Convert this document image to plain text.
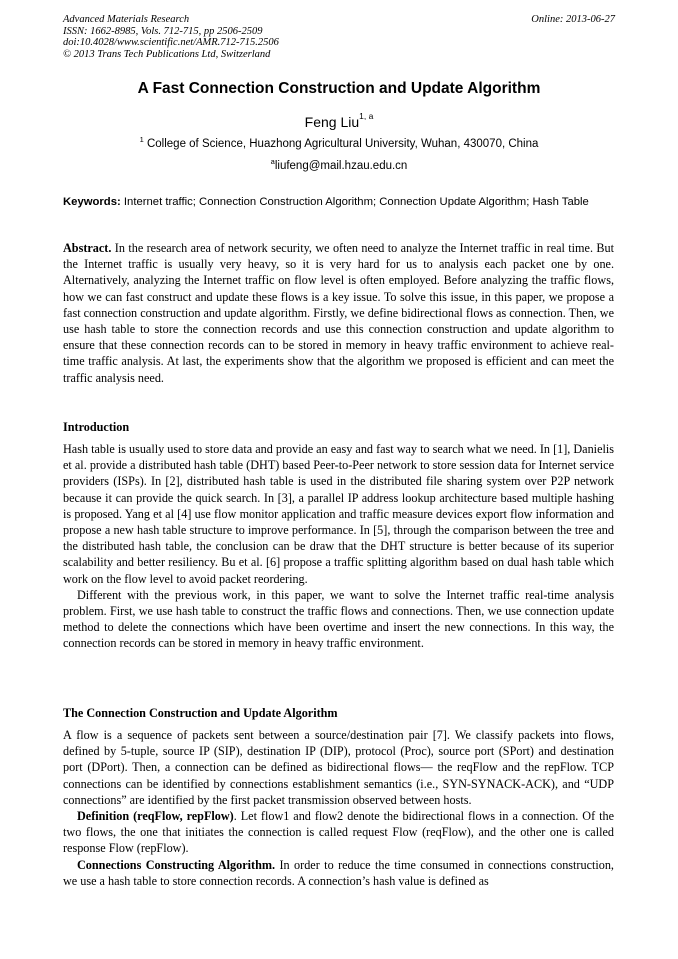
Advanced Materials Research
ISSN: 1662-8985, Vols. 712-715, pp 2506-2509
doi:10.4028/www.scientific.net/AMR.712-715.2506
© 2013 Trans Tech Publications Ltd, Switzerland
Online: 2013-06-27
A Fast Connection Construction and Update Algorithm
Feng Liu$^{1, a}$
$^1$ College of Science, Huazhong Agricultural University, Wuhan, 430070, China
$^a$liufeng@mail.hzau.edu.cn
Keywords: Internet traffic; Connection Construction Algorithm; Connection Update Algorithm; Hash Table

Abstract. In the research area of network security, we often need to analyze the Internet traffic in real time. But the Internet traffic is usually very heavy, so it is very hard for us to analysis each packet one by one. Alternatively, analyzing the Internet traffic on flow level is often employed. Before analyzing the traffic flows, how we can fast construct and update these flows is a key issue. To solve this issue, in this paper, we propose a fast connection construction and update algorithm. Firstly, we define bidirectional flows as connection. Then, we use hash table to store the connection records and use this connection construction and update algorithm to ensure that these connection records can to be stored in memory in heavy traffic environment to achieve real-time traffic analysis. At last, the experiments show that the algorithm we proposed is efficient and can meet the traffic analysis need.

Introduction

Hash table is usually used to store data and provide an easy and fast way to search what we need. In [1], Danielis et al. provide a distributed hash table (DHT) based Peer-to-Peer network to store session data for Internet service providers (ISPs). In [2], distributed hash table is used in the distributed file sharing system over P2P network because it can provide the quick search. In [3], a parallel IP address lookup architecture based multiple hashing is proposed. Yang et al [4] use flow monitor application and traffic measure devices export flow information and propose a new hash table structure to improve performance. In [5], through the comparison between the tree and the distributed hash table, the conclusion can be draw that the DHT structure is better because of its superior scalability and better resiliency. Bu et al. [6] propose a traffic splitting algorithm based on dual hash table which work on the flow level to avoid packet reordering.

Different with the previous work, in this paper, we want to solve the Internet traffic real-time analysis problem. First, we use hash table to construct the traffic flows and connections. Then, we use connection update method to delete the connections which have been overtime and insert the new connections. In this way, the connection records can be stored in memory in heavy traffic environment.

The Connection Construction and Update Algorithm

A flow is a sequence of packets sent between a source/destination pair [7]. We classify packets into flows, defined by 5-tuple, source IP (SIP), destination IP (DIP), protocol (Proc), source port (SPort) and destination port (DPort). Then, a connection can be defined as bidirectional flows— the reqFlow and the repFlow. TCP connections can be identified by connections establishment semantics (i.e., SYN-SYNACK-ACK), and “UDP connections” are identified by the first packet transmission observed between hosts.

Definition (reqFlow, repFlow). Let flow1 and flow2 denote the bidirectional flows in a connection. Of the two flows, the one that initiates the connection is called request Flow (reqFlow), and the other one is called response Flow (repFlow).

Connections Constructing Algorithm. In order to reduce the time consumed in connections construction, we use a hash table to store connection records. A connection’s hash value is defined as
